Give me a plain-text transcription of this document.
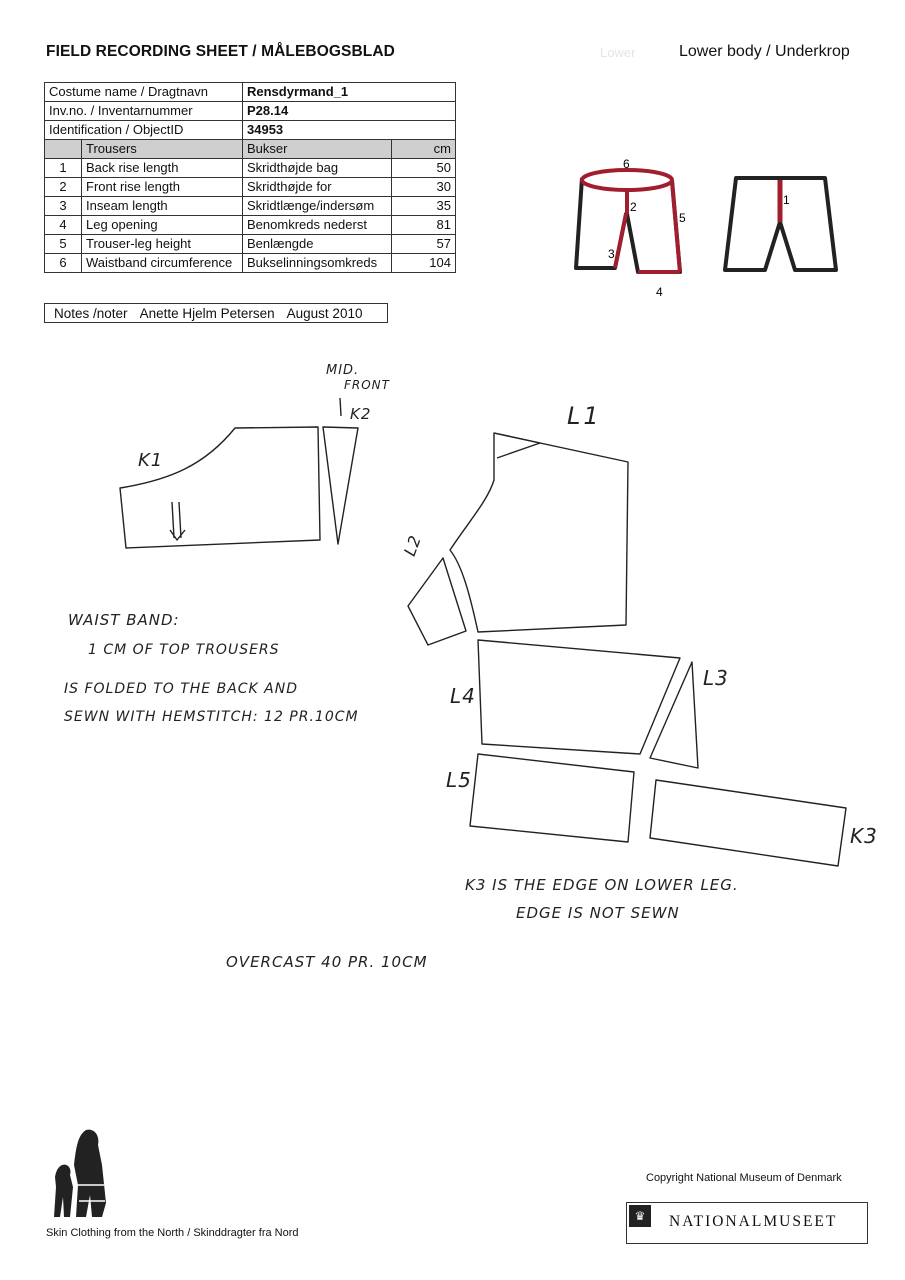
FIELD RECORDING SHEET / MÅLEBOGSBLAD	Lower	Lower body / Underkrop
Costume name / Dragtnavn		Rensdyrmand_1	
Inv.no. / Inventarnummer		P28.14	
Identification / ObjectID		34953	
	Trousers	Bukser	cm
1	Back rise length	Skridthøjde bag	50
2	Front rise length	Skridthøjde for	30
3	Inseam length	Skridtlænge/indersøm	35
4	Leg opening	Benomkreds nederst	81
5	Trouser-leg height	Benlængde	57
6	Waistband circumference	Bukselinningsomkreds	104
Notes /noter Anette Hjelm Petersen August 2010
6
2
3
4
5
1
K1
K2
MID.
FRONT
L1
L2
L3
L4
L5
K3
WAIST BAND:
1 CM OF TOP TROUSERS
IS FOLDED TO THE BACK AND
SEWN WITH HEMSTITCH: 12 PR.10CM
K3 IS THE EDGE ON LOWER LEG.
EDGE IS NOT SEWN
OVERCAST 40 PR. 10CM
Copyright National Museum of Denmark
♛	NATIONALMUSEET
Skin Clothing from the North / Skinddragter fra Nord
